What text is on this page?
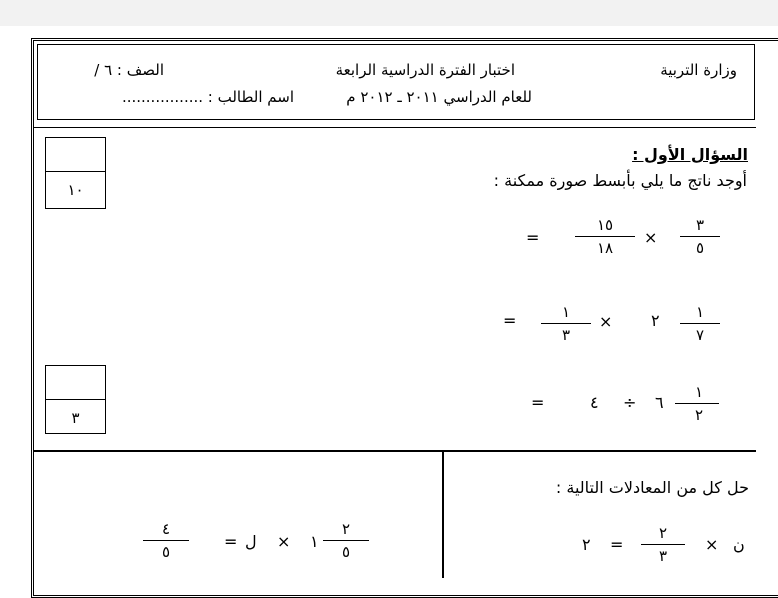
وزارة التربية
اختبار الفترة الدراسية الرابعة
الصف : ٦ /
للعام الدراسي ٢٠١١ ـ ٢٠١٢ م
اسم الطالب : .................
١٠
٣
السؤال الأول :
أوجد ناتج ما يلي بأبسط صورة ممكنة :
٣
٥
×
١٥
١٨
=
١
٧
٢
×
١
٣
=
١
٢
٦
÷
٤
=
حل كل من المعادلات التالية :
ن
×
٢
٣
=
٢
٢
٥
١
×
ل
=
٤
٥
